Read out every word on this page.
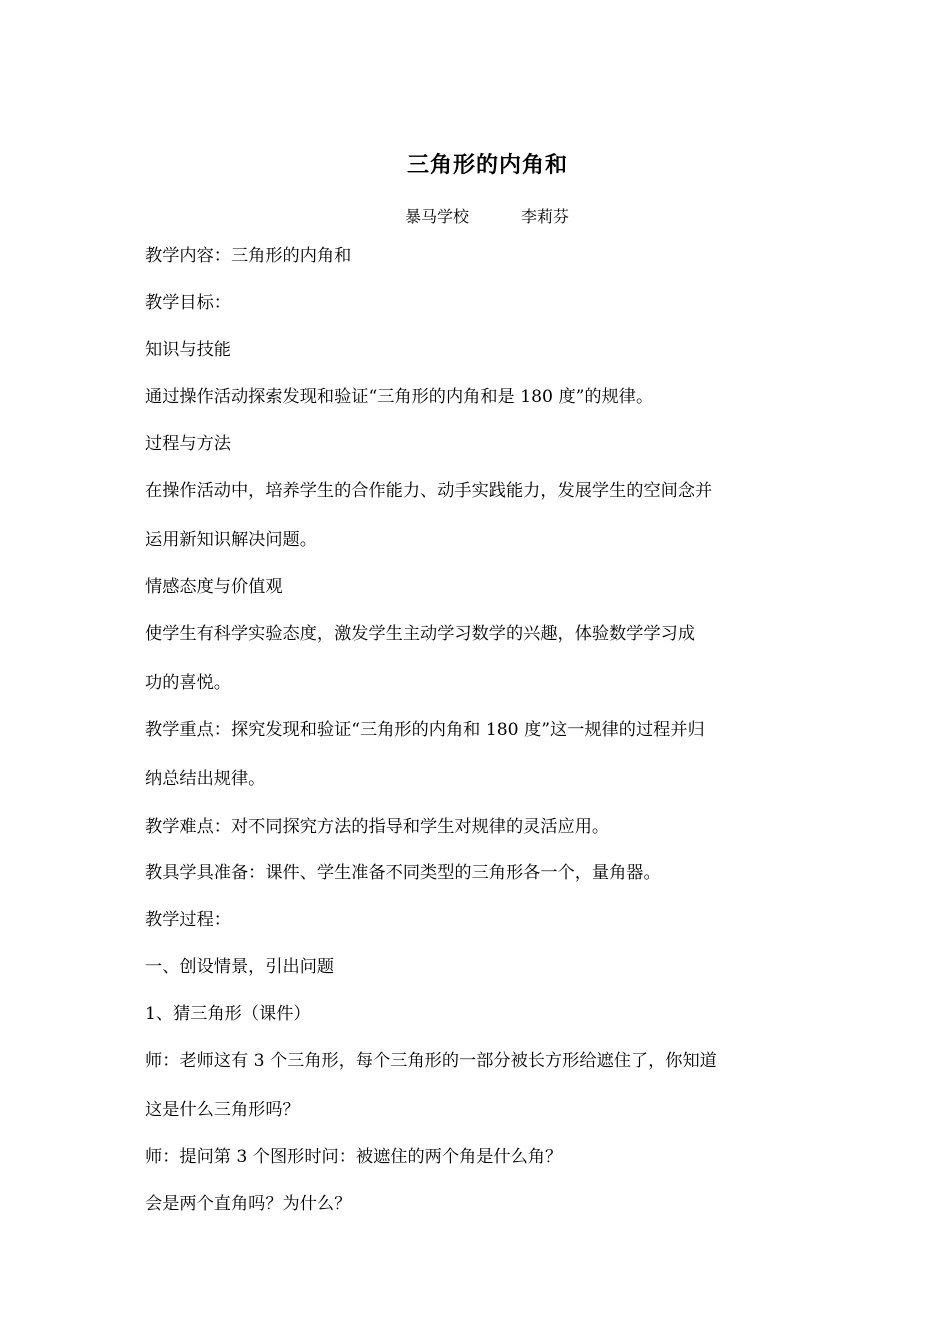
三角形的内角和
暴马学校	李莉芬
教学内容：三角形的内角和
教学目标：
知识与技能
通过操作活动探索发现和验证“三角形的内角和是 180 度”的规律。
过程与方法
在操作活动中，培养学生的合作能力、动手实践能力，发展学生的空间念并
运用新知识解决问题。
情感态度与价值观
使学生有科学实验态度，激发学生主动学习数学的兴趣，体验数学学习成
功的喜悦。
教学重点：探究发现和验证“三角形的内角和 180 度”这一规律的过程并归
纳总结出规律。
教学难点：对不同探究方法的指导和学生对规律的灵活应用。
教具学具准备：课件、学生准备不同类型的三角形各一个，量角器。
教学过程：
一、创设情景，引出问题
1、猜三角形（课件）
师：老师这有 3 个三角形，每个三角形的一部分被长方形给遮住了，你知道
这是什么三角形吗？
师：提问第 3 个图形时问：被遮住的两个角是什么角？
会是两个直角吗？为什么？
